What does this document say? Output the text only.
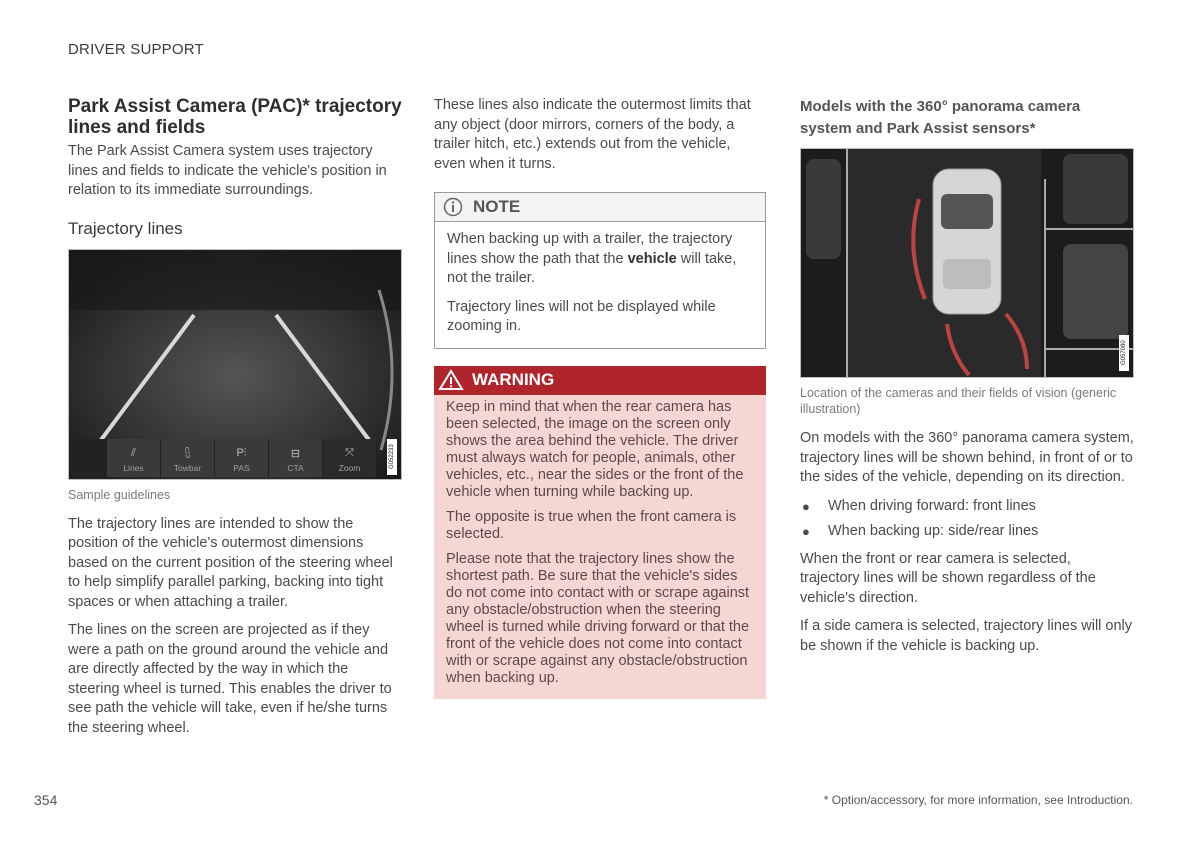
DRIVER SUPPORT
Park Assist Camera (PAC)* trajectory lines and fields

The Park Assist Camera system uses trajectory lines and fields to indicate the vehicle's position in relation to its immediate surroundings.

Trajectory lines
⫽
Lines
⩉
Towbar
P⫶
PAS
⊟
CTA
⤧
Zoom	G052233
Sample guidelines

The trajectory lines are intended to show the position of the vehicle's outermost dimensions based on the current position of the steering wheel to help simplify parallel parking, backing into tight spaces or when attaching a trailer.

The lines on the screen are projected as if they were a path on the ground around the vehicle and are directly affected by the way in which the steering wheel is turned. This enables the driver to see path the vehicle will take, even if he/she turns the steering wheel.

These lines also indicate the outermost limits that any object (door mirrors, corners of the body, a trailer hitch, etc.) extends out from the vehicle, even when it turns.

NOTE

When backing up with a trailer, the trajectory lines show the path that the vehicle will take, not the trailer.

Trajectory lines will not be displayed while zooming in.

WARNING

Keep in mind that when the rear camera has been selected, the image on the screen only shows the area behind the vehicle. The driver must always watch for people, animals, other vehicles, etc., near the sides or the front of the vehicle when turning while backing up.

The opposite is true when the front camera is selected.

Please note that the trajectory lines show the shortest path. Be sure that the vehicle's sides do not come into contact with or scrape against any obstacle/obstruction when the steering wheel is turned while driving forward or that the front of the vehicle does not come into contact with or scrape against any obstacle/obstruction when backing up.

Models with the 360° panorama camera system and Park Assist sensors*
G057080
Location of the cameras and their fields of vision (generic illustration)

On models with the 360° panorama camera system, trajectory lines will be shown behind, in front of or to the sides of the vehicle, depending on its direction.

● When driving forward: front lines
● When backing up: side/rear lines

When the front or rear camera is selected, trajectory lines will be shown regardless of the vehicle's direction.

If a side camera is selected, trajectory lines will only be shown if the vehicle is backing up.

354	* Option/accessory, for more information, see Introduction.
